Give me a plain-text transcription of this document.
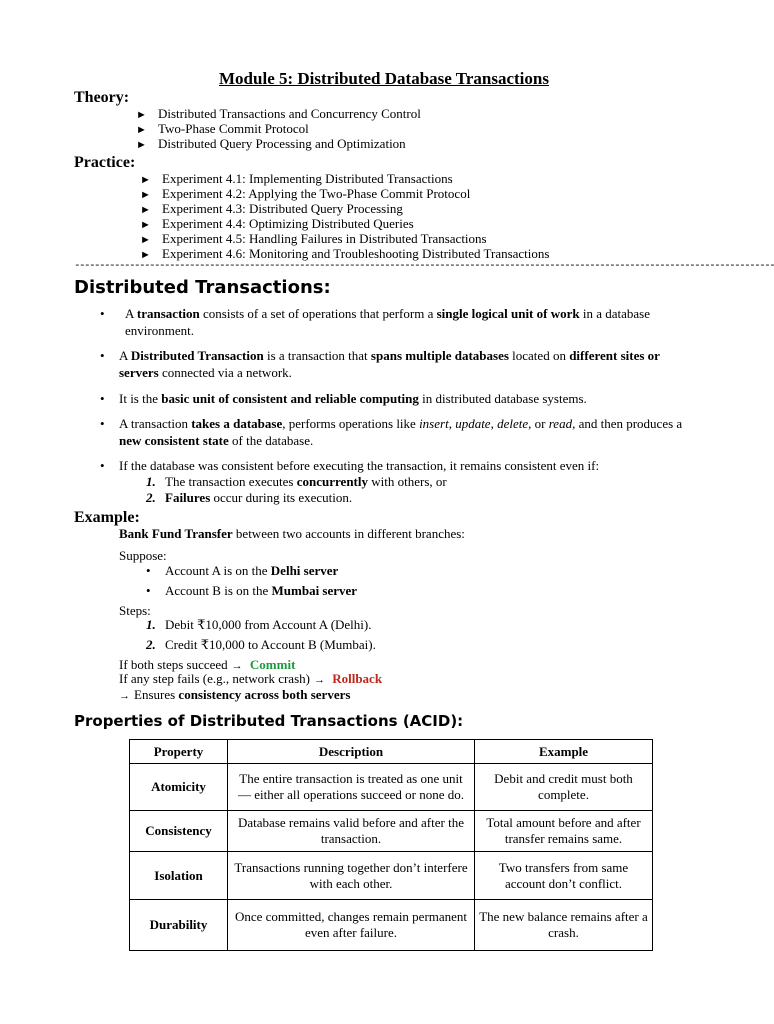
Module 5: Distributed Database Transactions
Theory:
► Distributed Transactions and Concurrency Control
► Two-Phase Commit Protocol
► Distributed Query Processing and Optimization
Practice:
► Experiment 4.1: Implementing Distributed Transactions
► Experiment 4.2: Applying the Two-Phase Commit Protocol
► Experiment 4.3: Distributed Query Processing
► Experiment 4.4: Optimizing Distributed Queries
► Experiment 4.5: Handling Failures in Distributed Transactions
► Experiment 4.6: Monitoring and Troubleshooting Distributed Transactions
--------------------------------------------------------------------------------------------------------------------------------------------
Distributed Transactions:
• A transaction consists of a set of operations that perform a single logical unit of work in a database environment.
• A Distributed Transaction is a transaction that spans multiple databases located on different sites or servers connected via a network.
• It is the basic unit of consistent and reliable computing in distributed database systems.
• A transaction takes a database, performs operations like insert, update, delete, or read, and then produces a new consistent state of the database.
• If the database was consistent before executing the transaction, it remains consistent even if:
1. The transaction executes concurrently with others, or
2. Failures occur during its execution.
Example:
Bank Fund Transfer between two accounts in different branches:
Suppose:
• Account A is on the Delhi server
• Account B is on the Mumbai server
Steps:
1. Debit ₹10,000 from Account A (Delhi).
2. Credit ₹10,000 to Account B (Mumbai).
If both steps succeed → Commit
If any step fails (e.g., network crash) → Rollback
→ Ensures consistency across both servers
Properties of Distributed Transactions (ACID):
Property	Description	Example
Atomicity	The entire transaction is treated as one unit — either all operations succeed or none do.	Debit and credit must both complete.
Consistency	Database remains valid before and after the transaction.	Total amount before and after transfer remains same.
Isolation	Transactions running together don’t interfere with each other.	Two transfers from same account don’t conflict.
Durability	Once committed, changes remain permanent even after failure.	The new balance remains after a crash.
